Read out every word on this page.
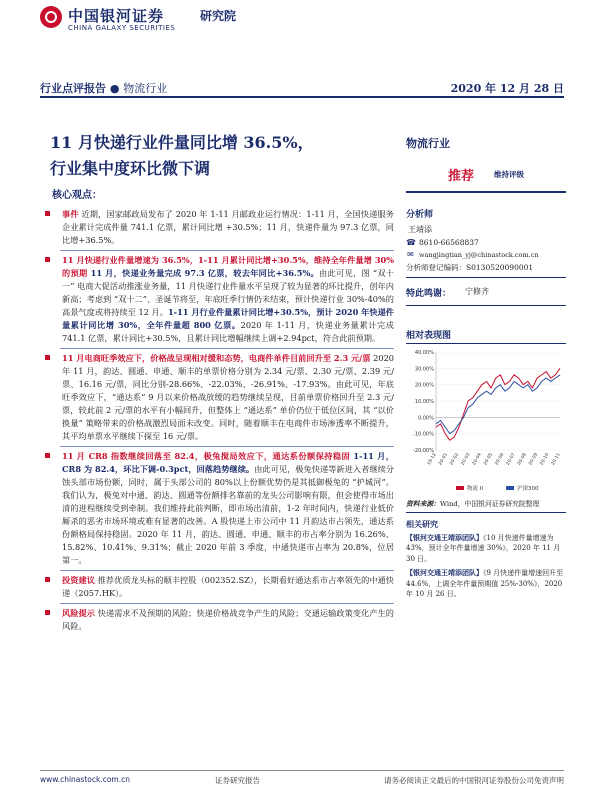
中国银河证券
CHINA GALAXY SECURITIES
研究院
行业点评报告 ● 物流行业	2020 年 12 月 28 日
11 月快递行业件量同比增 36.5%，
行业集中度环比微下调
核心观点：
事件 近期，国家邮政局发布了 2020 年 1-11 月邮政业运行情况：1-11 月，全国快递服务企业累计完成件量 741.1 亿票，累计同比增 +30.5%；11 月，快递件量为 97.3 亿票，同比增+36.5%。
11 月快递行业件量增速为 36.5%，1-11 月累计同比增+30.5%，维持全年件量增 30%的预期 11 月，快递业务量完成 97.3 亿票，较去年同比+36.5%。由此可见，图 “双十一” 电商大促活动推涨业务量，11 月快递行业件量水平呈现了较为显著的环比提升，创年内新高；考虑到 “双十二”、圣诞节将至，年底旺季行情仍未结束，预计快递行业 30%-40%的高景气度或将持续至 12 月。1-11 月行业件量累计同比增+30.5%，预计 2020 年快递件量累计同比增 30%，全年件量超 800 亿票。2020 年 1-11 月，快递业务量累计完成 741.1 亿票，累计同比+30.5%，且累计同比增幅继续上调+2.94pct，符合此前预期。
11 月电商旺季效应下，价格战呈现相对缓和态势，电商件单件目前回升至 2.3 元/票 2020 年 11 月，韵达、圆通、申通、顺丰的单票价格分别为 2.34 元/票、2.30 元/票、2.39 元/票、16.16 元/票，同比分别-28.66%、-22.03%、-26.91%、-17.93%。由此可见，年底旺季效应下，“通达系” 9 月以来价格战放缓的趋势继续呈现，目前单票价格回升至 2.3 元/票，较此前 2 元/票的水平有小幅回升，但整体上 “通达系” 单价仍位于低位区间，其 “以价换量” 策略带来的价格战激烈局面未改变。同时，随着顺丰在电商件市场渗透率不断提升，其平均单票水平继续下探至 16 元/票。
11 月 CR8 指数继续回落至 82.4，极兔搅局效应下，通达系份额保持稳固 1-11 月，CR8 为 82.4，环比下调-0.3pct，回落趋势继续。由此可见，极兔快递等新进入者继续分蚀头部市场份额，同时，属于头部公司的 80%以上份额优势仍是其抵御极兔的 “护城河”。我们认为，极兔对中通、韵达、圆通等份额排名靠前的龙头公司影响有限，但会使得市场出清的进程继续受到牵制。我们维持此前判断，即市场出清前，1-2 年时间内，快递行业低价厮杀的恶劣市场环境或难有显著的改善。A 股快递上市公司中 11 月韵达市占领先，通达系份额格局保持稳固。2020 年 11 月，韵达、圆通、申通、顺丰的市占率分别为 16.26%、15.82%、10.41%、9.31%；截止 2020 年前 3 季度，中通快递市占率为 20.8%，位居第一。
投资建议 推荐优质龙头标的顺丰控股（002352.SZ），长期看好通达系市占率领先的中通快递（2057.HK）。
风险提示 快递需求不及预期的风险；快递价格战竞争产生的风险；交通运输政策变化产生的风险。
物流行业
推荐	维持评级
分析师
王靖添
☎ 8610-66568837
✉ wangjingtian_yj@chinastock.com.cn
分析师登记编码：S0130520090001
特此鸣谢： 宁修齐
相对表现图
40.00%
30.00%
20.00%
10.00%
0.00%
-10.00%
-20.00%
19-12 20-01 20-02 20-03 20-04 20-05 20-06 20-07 20-08 20-09 20-10 20-11
物流 II	沪深300
资料来源：Wind，中国银河证券研究院整理
相关研究

【银河交通王靖添团队】《10 月快递件量增速为 43%，预计全年件量增速 30%》，2020 年 11 月 30 日。

【银河交通王靖添团队】《9 月快递件量增速回升至 44.6%，上调全年件量预期值 25%-30%》，2020 年 10 月 26 日。

www.chinastock.com.cn	证券研究报告	请务必阅读正文最后的中国银河证券股份公司免责声明
